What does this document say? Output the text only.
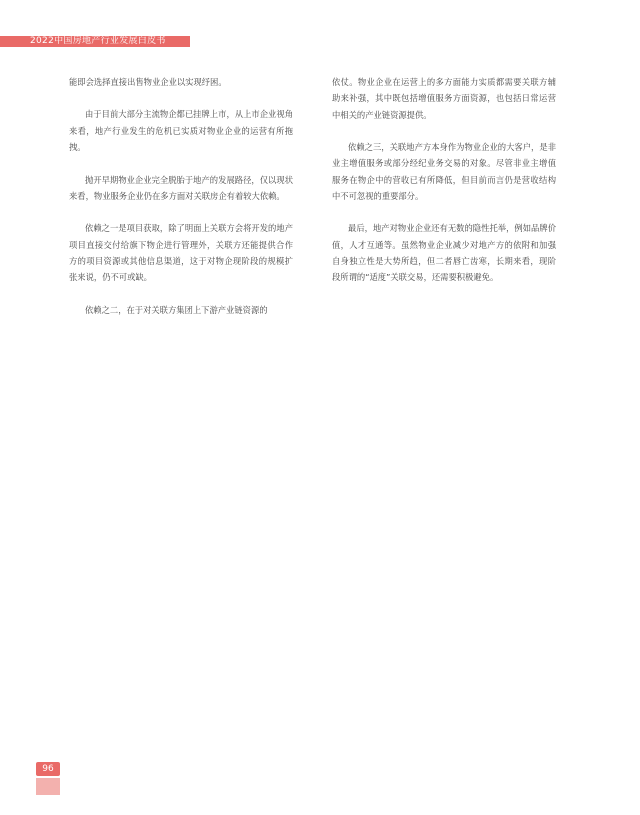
2022中国房地产行业发展白皮书

能即会选择直接出售物业企业以实现纾困。

由于目前大部分主流物企都已挂牌上市，从上市企业视角来看，地产行业发生的危机已实质对物业企业的运营有所拖拽。

抛开早期物业企业完全脱胎于地产的发展路径，仅以现状来看，物业服务企业仍在多方面对关联房企有着较大依赖。

依赖之一是项目获取，除了明面上关联方会将开发的地产项目直接交付给旗下物企进行管理外，关联方还能提供合作方的项目资源或其他信息渠道，这于对物企现阶段的规模扩张来说，仍不可或缺。

依赖之二，在于对关联方集团上下游产业链资源的

依仗。物业企业在运营上的多方面能力实质都需要关联方辅助来补强，其中既包括增值服务方面资源，也包括日常运营中相关的产业链资源提供。

依赖之三，关联地产方本身作为物业企业的大客户，是非业主增值服务或部分经纪业务交易的对象。尽管非业主增值服务在物企中的营收已有所降低，但目前而言仍是营收结构中不可忽视的重要部分。

最后，地产对物业企业还有无数的隐性托举，例如品牌价值，人才互通等。虽然物业企业减少对地产方的依附和加强自身独立性是大势所趋，但二者唇亡齿寒，长期来看，现阶段所谓的“适度”关联交易，还需要积极避免。

96
